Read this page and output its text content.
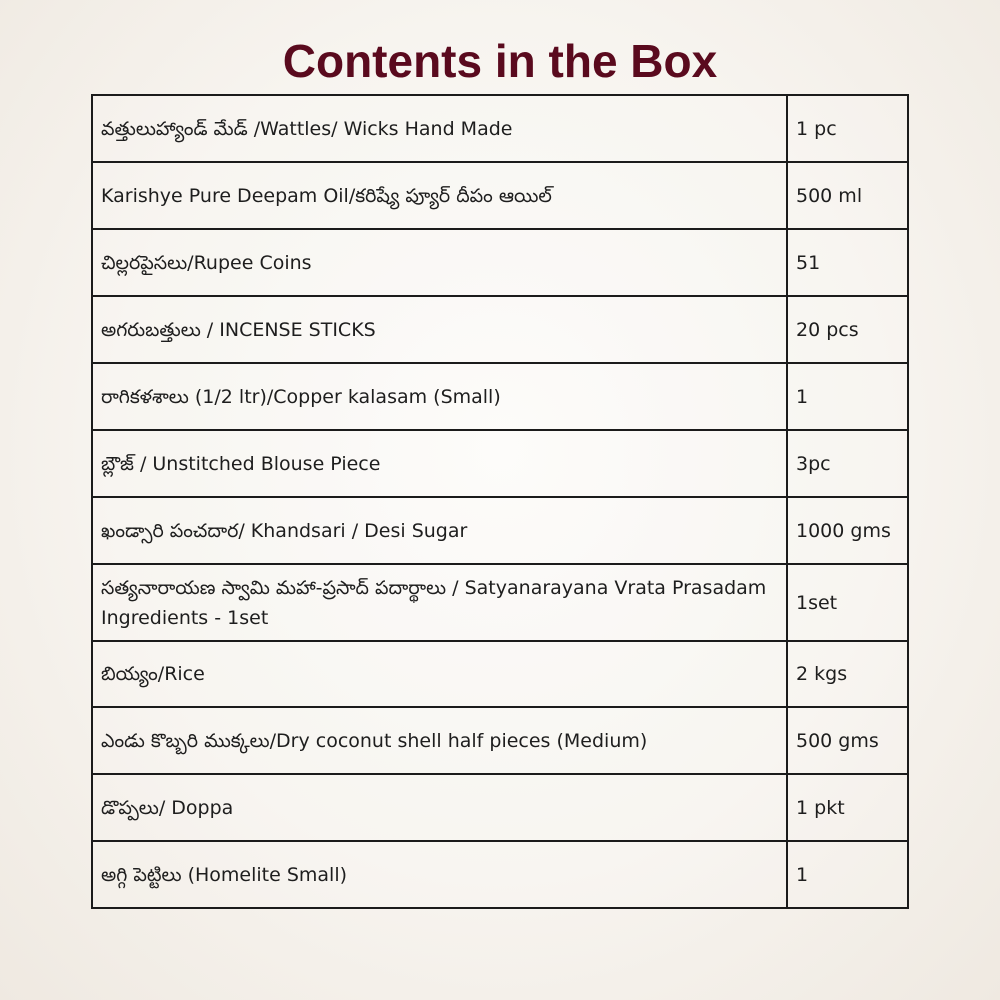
Contents in the Box
వత్తులుహ్యాండ్ మేడ్ /Wattles/ Wicks Hand Made	1 pc
Karishye Pure Deepam Oil/కరిష్యే ప్యూర్ దీపం ఆయిల్	500 ml
చిల్లరపైసలు/Rupee Coins	51
అగరుబత్తులు / INCENSE STICKS	20 pcs
రాగికళశాలు (1/2 ltr)/Copper kalasam (Small)	1
బ్లౌజ్ / Unstitched Blouse Piece	3pc
ఖండ్సారి పంచదార/ Khandsari / Desi Sugar	1000 gms
సత్యనారాయణ స్వామి మహా-ప్రసాద్ పదార్థాలు / Satyanarayana Vrata Prasadam Ingredients - 1set	1set
బియ్యం/Rice	2 kgs
ఎండు కొబ్బరి ముక్కలు/Dry coconut shell half pieces (Medium)	500 gms
డొప్పలు/ Doppa	1 pkt
అగ్గి పెట్టిలు (Homelite Small)	1
